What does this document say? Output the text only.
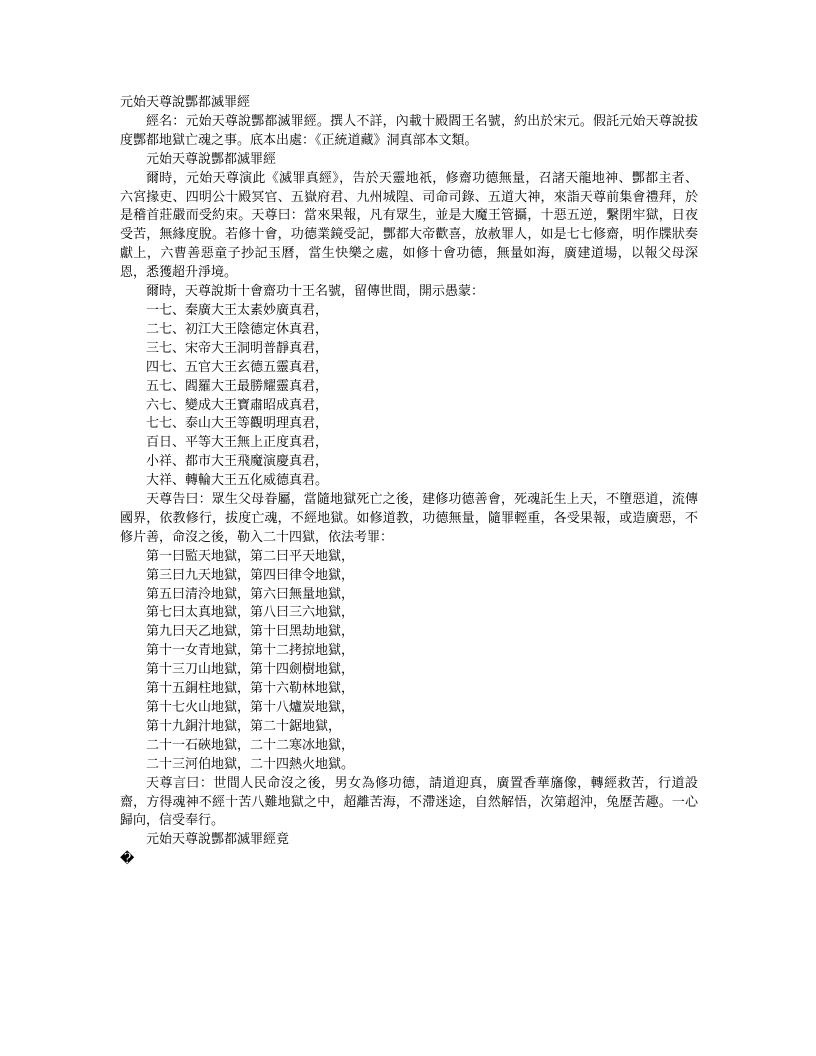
元始天尊說酆都滅罪經

經名：元始天尊說酆都滅罪經。撰人不詳，內載十殿閻王名號，約出於宋元。假託元始天尊說拔度酆都地獄亡魂之事。底本出處：《正統道藏》洞真部本文類。

元始天尊說酆都滅罪經

爾時，元始天尊演此《滅罪真經》，告於天靈地祇，修齋功德無量，召諸天龍地神、酆都主者、六宮掾吏、四明公十殿冥官、五嶽府君、九州城隍、司命司錄、五道大神，來詣天尊前集會禮拜，於是稽首莊嚴而受約束。天尊曰：當來果報，凡有眾生，並是大魔王管攝，十惡五逆，繫閉牢獄，日夜受苦，無緣度脫。若修十會，功德業鏡受記，酆都大帝歡喜，放赦罪人，如是七七修齋，明作牒狀奏獻上，六曹善惡童子抄記玉曆，當生快樂之處，如修十會功德，無量如海，廣建道場，以報父母深恩，悉獲超升淨境。

爾時，天尊說斯十會齋功十王名號，留傳世間，開示愚蒙：

一七、秦廣大王太素妙廣真君，

二七、初江大王陰德定休真君，

三七、宋帝大王洞明普靜真君，

四七、五官大王玄德五靈真君，

五七、閻羅大王最勝耀靈真君，

六七、變成大王寶肅昭成真君，

七七、泰山大王等觀明理真君，

百日、平等大王無上正度真君，

小祥、都市大王飛魔演慶真君，

大祥、轉輪大王五化威德真君。

天尊告曰：眾生父母眷屬，當隨地獄死亡之後，建修功德善會，死魂託生上天，不墮惡道，流傳國界，依教修行，拔度亡魂，不經地獄。如修道教，功德無量，隨罪輕重，各受果報，或造廣惡，不修片善，命沒之後，勒入二十四獄，依法考罪：

第一曰監天地獄，第二曰平天地獄，

第三曰九天地獄，第四曰律令地獄，

第五曰清泠地獄，第六曰無量地獄，

第七曰太真地獄，第八曰三六地獄，

第九曰天乙地獄，第十曰黑劫地獄，

第十一女青地獄，第十二拷掠地獄，

第十三刀山地獄，第十四劍樹地獄，

第十五銅柱地獄，第十六勒林地獄，

第十七火山地獄，第十八爐炭地獄，

第十九銅汁地獄，第二十鋸地獄，

二十一石硤地獄，二十二寒冰地獄，

二十三河伯地獄，二十四熱火地獄。

天尊言曰：世間人民命沒之後，男女為修功德，請道迎真，廣置香華旛像，轉經救苦，行道設齋，方得魂神不經十苦八難地獄之中，超離苦海，不滯迷途，自然解悟，次第超沖，兔歷苦趣。一心歸向，信受奉行。

元始天尊說酆都滅罪經竟

�
